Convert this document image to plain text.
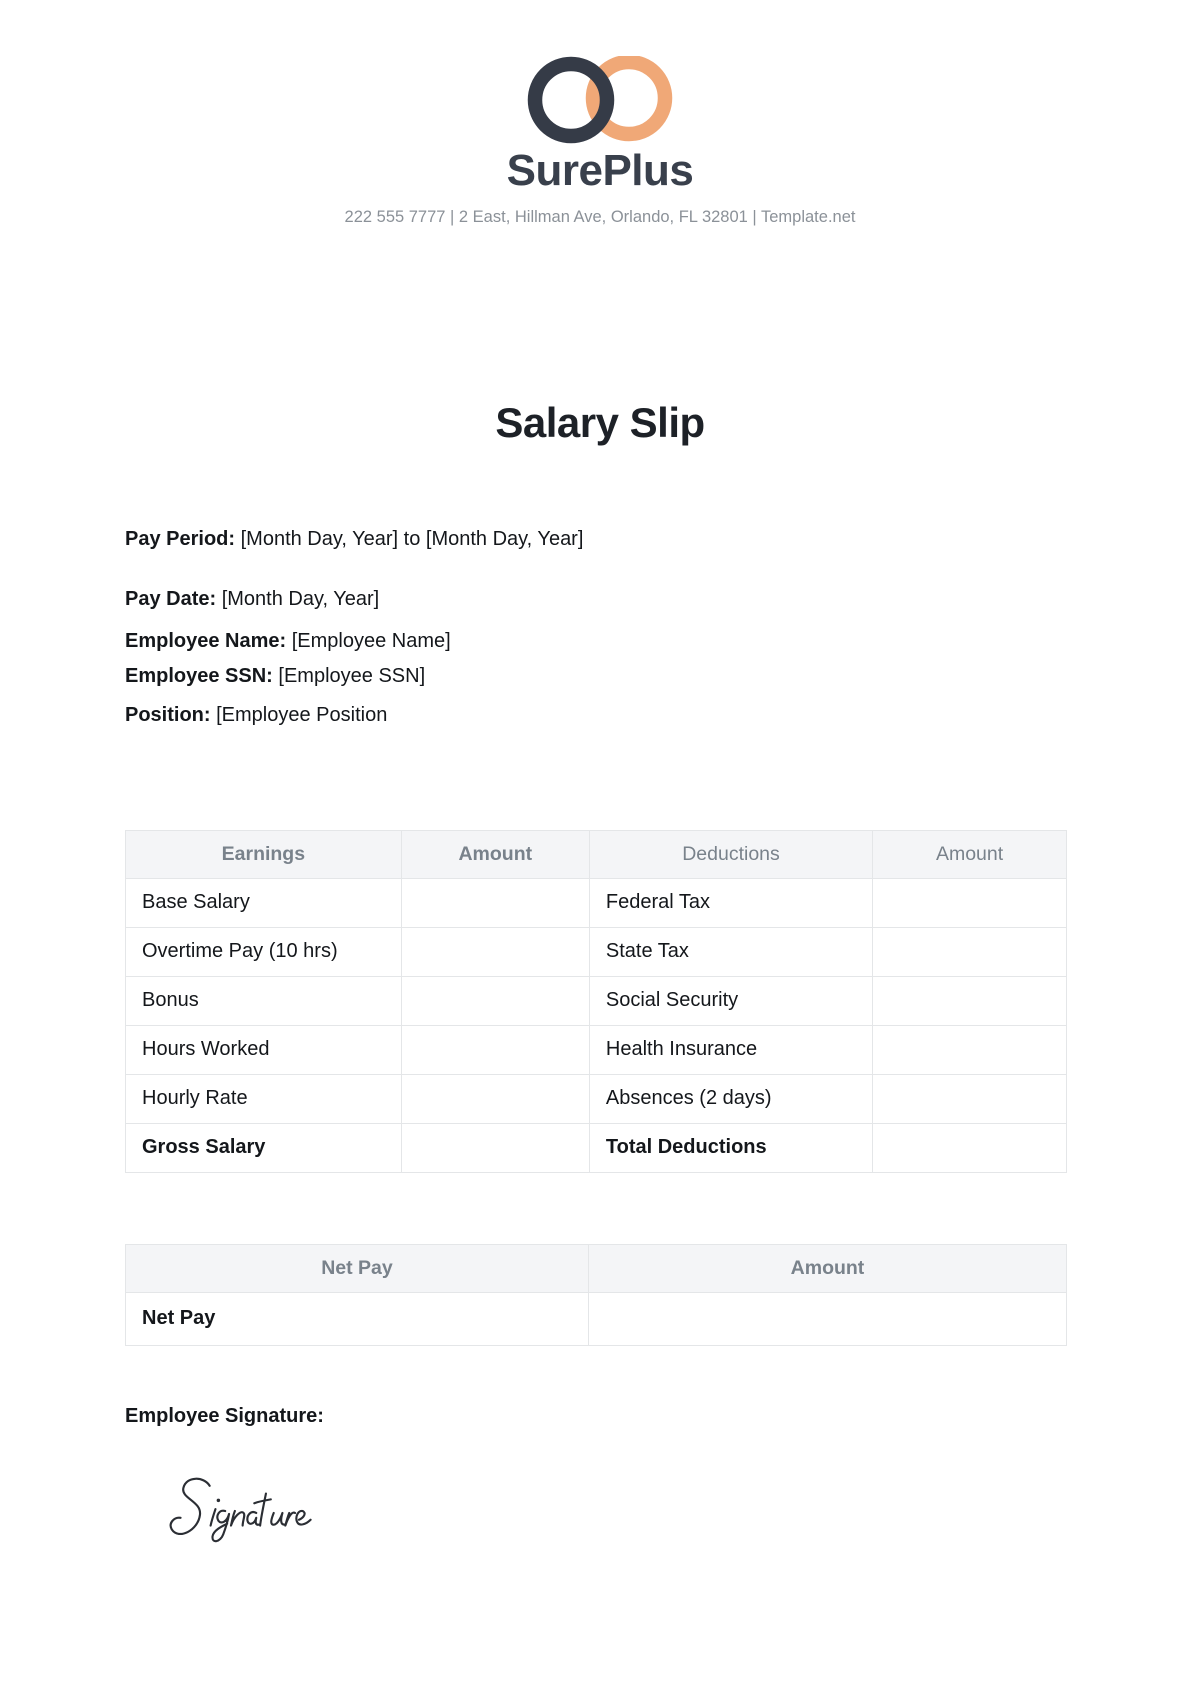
SurePlus
222 555 7777 | 2 East, Hillman Ave, Orlando, FL 32801 | Template.net
Salary Slip
Pay Period: [Month Day, Year] to [Month Day, Year]
Pay Date: [Month Day, Year]
Employee Name: [Employee Name]
Employee SSN: [Employee SSN]
Position: [Employee Position
Earnings	Amount	Deductions	Amount
Base Salary		Federal Tax	
Overtime Pay (10 hrs)		State Tax	
Bonus		Social Security	
Hours Worked		Health Insurance	
Hourly Rate		Absences (2 days)	
Gross Salary		Total Deductions	
Net Pay	Amount
Net Pay	
Employee Signature:
